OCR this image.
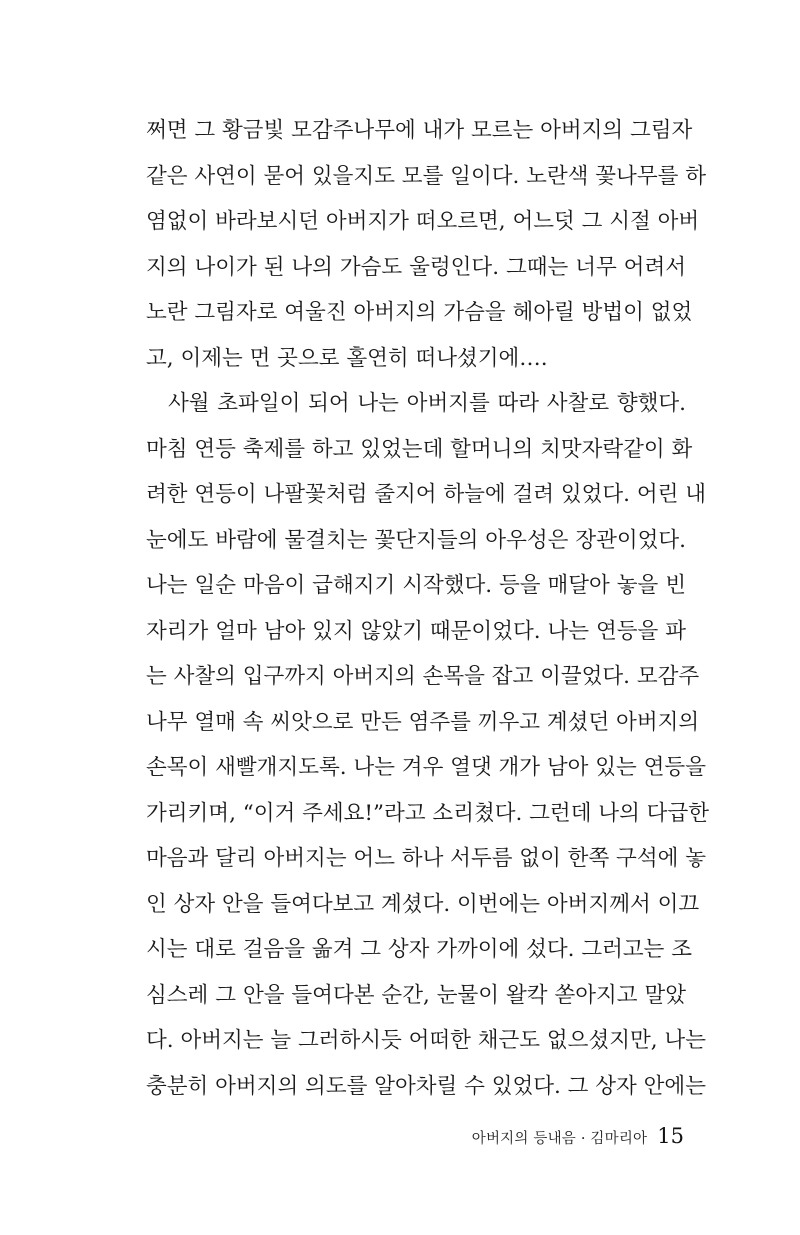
쩌면 그 황금빛 모감주나무에 내가 모르는 아버지의 그림자
같은 사연이 묻어 있을지도 모를 일이다. 노란색 꽃나무를 하
염없이 바라보시던 아버지가 떠오르면, 어느덧 그 시절 아버
지의 나이가 된 나의 가슴도 울렁인다. 그때는 너무 어려서
노란 그림자로 여울진 아버지의 가슴을 헤아릴 방법이 없었
고, 이제는 먼 곳으로 홀연히 떠나셨기에….
사월 초파일이 되어 나는 아버지를 따라 사찰로 향했다.
마침 연등 축제를 하고 있었는데 할머니의 치맛자락같이 화
려한 연등이 나팔꽃처럼 줄지어 하늘에 걸려 있었다. 어린 내
눈에도 바람에 물결치는 꽃단지들의 아우성은 장관이었다.
나는 일순 마음이 급해지기 시작했다. 등을 매달아 놓을 빈
자리가 얼마 남아 있지 않았기 때문이었다. 나는 연등을 파
는 사찰의 입구까지 아버지의 손목을 잡고 이끌었다. 모감주
나무 열매 속 씨앗으로 만든 염주를 끼우고 계셨던 아버지의
손목이 새빨개지도록. 나는 겨우 열댓 개가 남아 있는 연등을
가리키며, “이거 주세요!”라고 소리쳤다. 그런데 나의 다급한
마음과 달리 아버지는 어느 하나 서두름 없이 한쪽 구석에 놓
인 상자 안을 들여다보고 계셨다. 이번에는 아버지께서 이끄
시는 대로 걸음을 옮겨 그 상자 가까이에 섰다. 그러고는 조
심스레 그 안을 들여다본 순간, 눈물이 왈칵 쏟아지고 말았
다. 아버지는 늘 그러하시듯 어떠한 채근도 없으셨지만, 나는
충분히 아버지의 의도를 알아차릴 수 있었다. 그 상자 안에는
아버지의 등내음 · 김마리아 15
